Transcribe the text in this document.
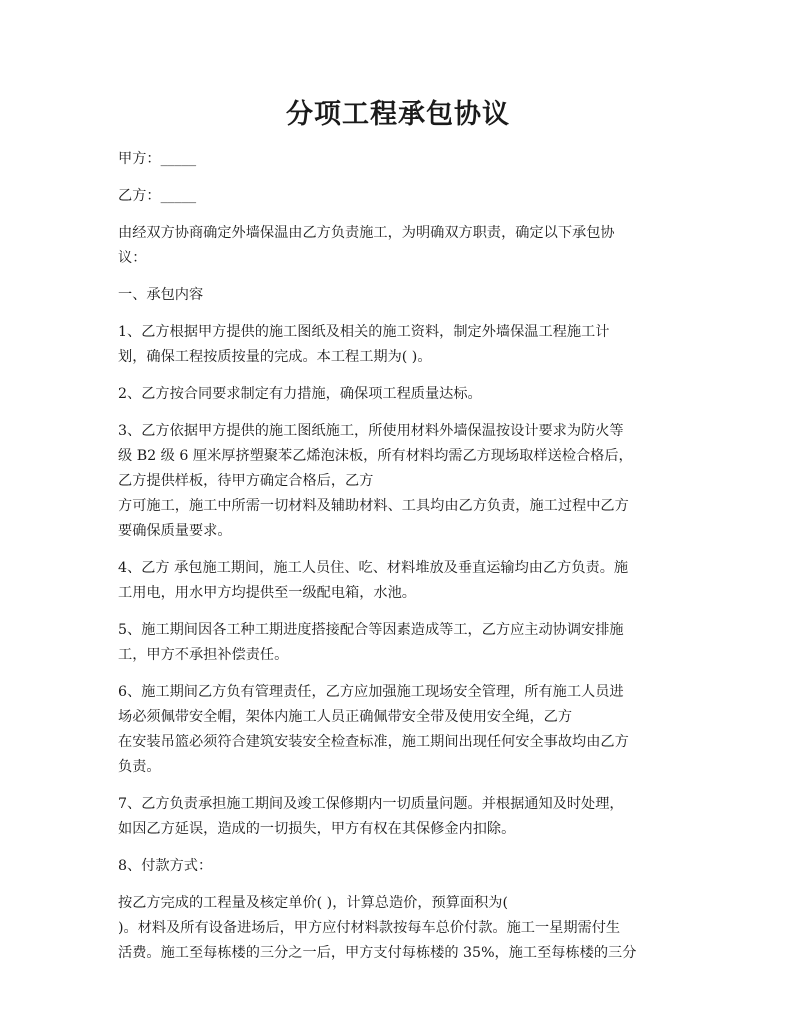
分项工程承包协议

甲方：_____

乙方：_____

由经双方协商确定外墙保温由乙方负责施工，为明确双方职责，确定以下承包协
议：

一、承包内容

1、乙方根据甲方提供的施工图纸及相关的施工资料，制定外墙保温工程施工计
划，确保工程按质按量的完成。本工程工期为( )。

2、乙方按合同要求制定有力措施，确保项工程质量达标。

3、乙方依据甲方提供的施工图纸施工，所使用材料外墙保温按设计要求为防火等
级 B2 级 6 厘米厚挤塑聚苯乙烯泡沫板，所有材料均需乙方现场取样送检合格后，
乙方提供样板，待甲方确定合格后，乙方
方可施工，施工中所需一切材料及辅助材料、工具均由乙方负责，施工过程中乙方
要确保质量要求。

4、乙方 承包施工期间，施工人员住、吃、材料堆放及垂直运输均由乙方负责。施
工用电，用水甲方均提供至一级配电箱，水池。

5、施工期间因各工种工期进度搭接配合等因素造成等工，乙方应主动协调安排施
工，甲方不承担补偿责任。

6、施工期间乙方负有管理责任，乙方应加强施工现场安全管理，所有施工人员进
场必须佩带安全帽，架体内施工人员正确佩带安全带及使用安全绳，乙方
在安装吊篮必须符合建筑安装安全检查标准，施工期间出现任何安全事故均由乙方
负责。

7、乙方负责承担施工期间及竣工保修期内一切质量问题。并根据通知及时处理，
如因乙方延误，造成的一切损失，甲方有权在其保修金内扣除。

8、付款方式：

按乙方完成的工程量及核定单价( )，计算总造价，预算面积为(
)。材料及所有设备进场后，甲方应付材料款按每车总价付款。施工一星期需付生
活费。施工至每栋楼的三分之一后，甲方支付每栋楼的 35%，施工至每栋楼的三分
